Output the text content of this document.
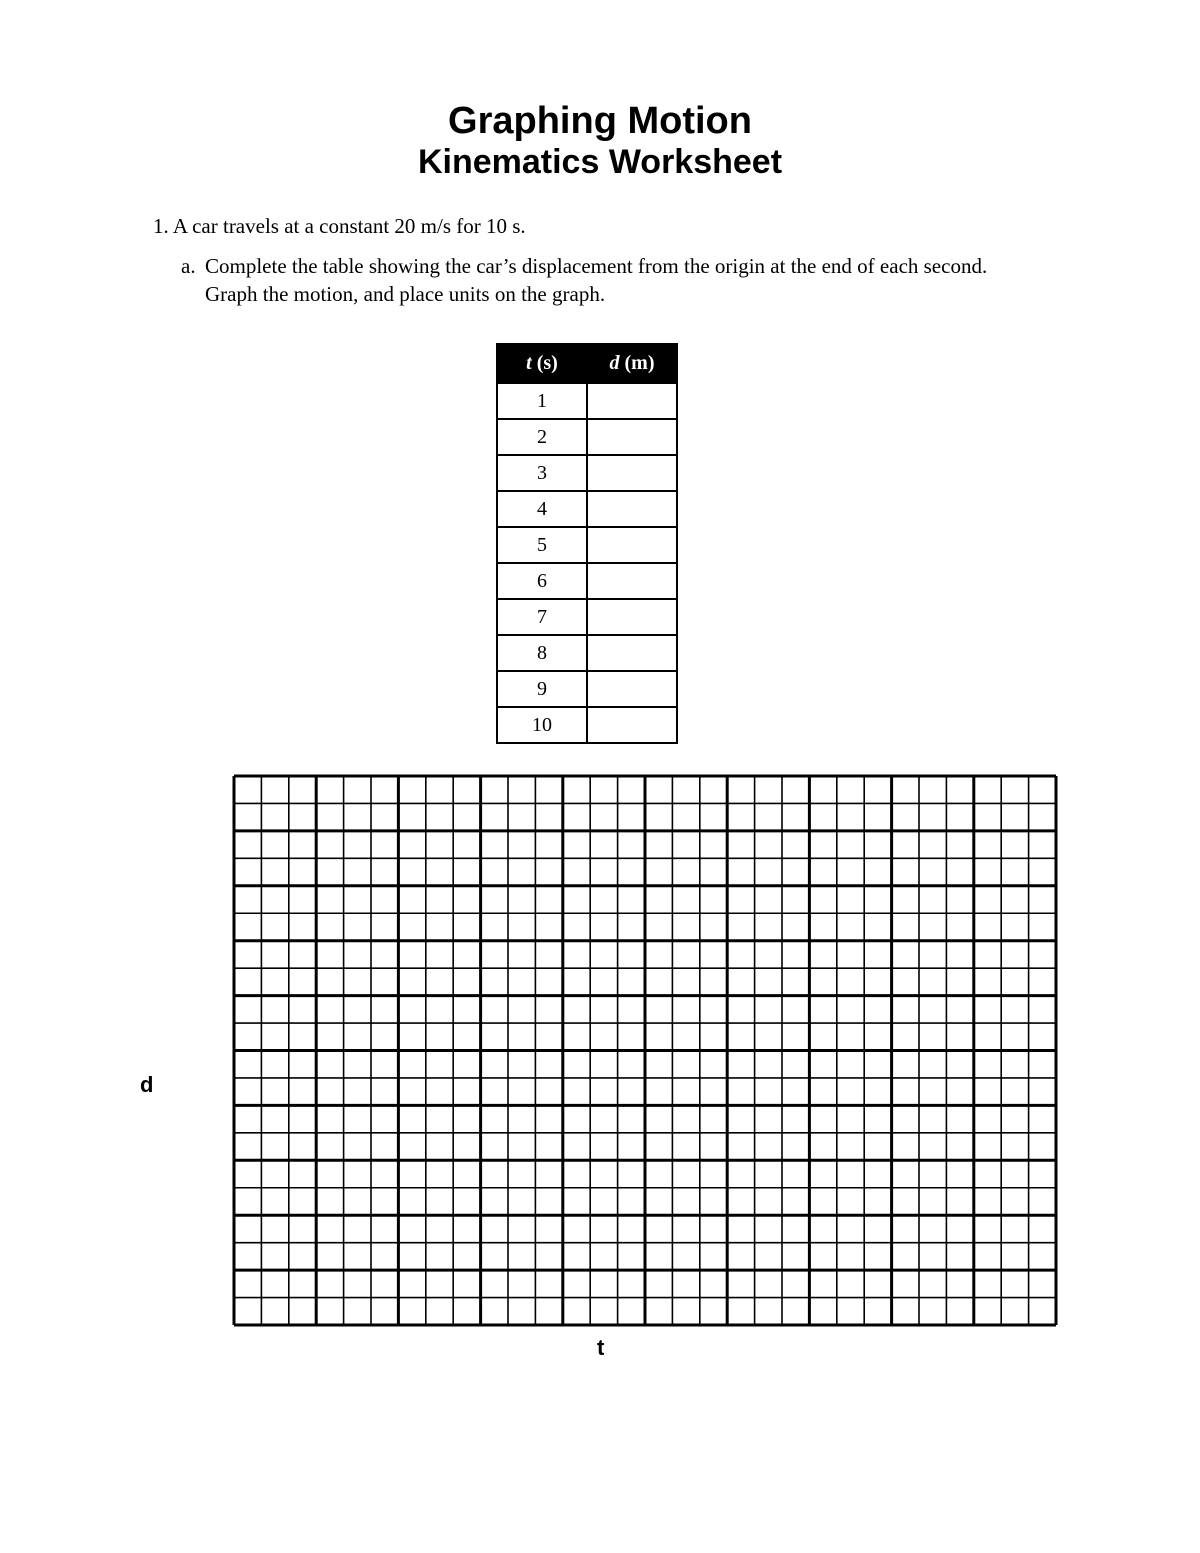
Graphing Motion
Kinematics Worksheet
1. A car travels at a constant 20 m/s for 10 s.
a. Complete the table showing the car’s displacement from the origin at the end of each second. Graph the motion, and place units on the graph.
t (s)	d (m)
1	
2	
3	
4	
5	
6	
7	
8	
9	
10	
d
t
